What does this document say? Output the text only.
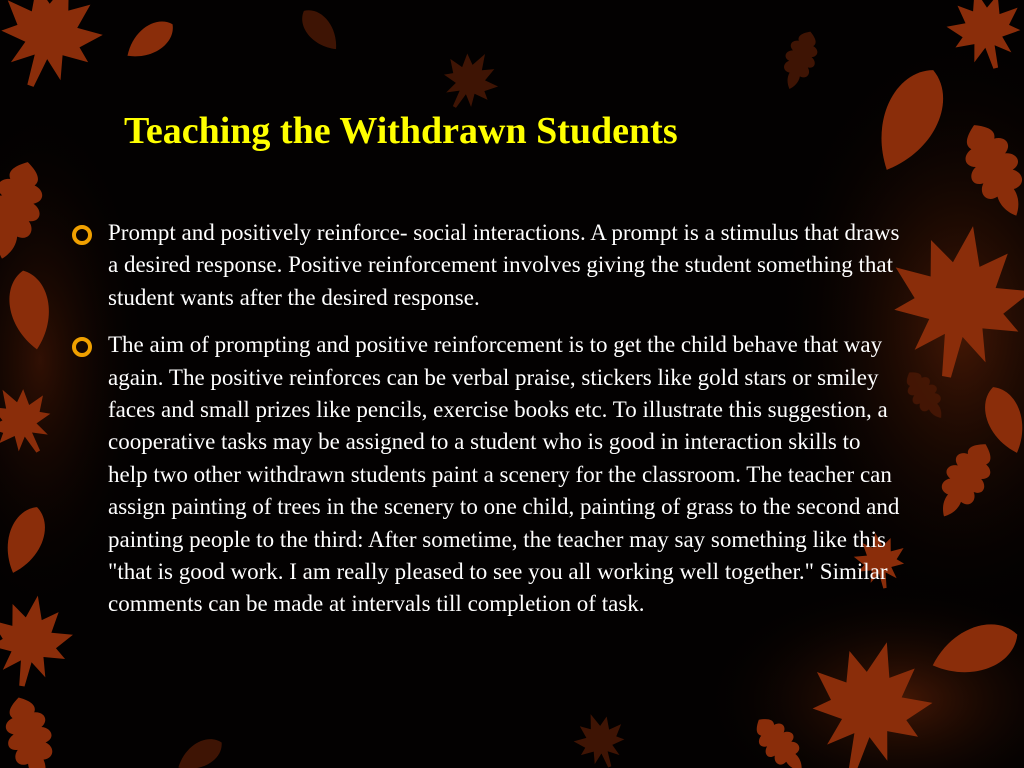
Teaching the Withdrawn Students
Prompt and positively reinforce- social interactions. A prompt is a stimulus that draws a desired response. Positive reinforcement involves giving the student something that student wants after the desired response.
The aim of prompting and positive reinforcement is to get the child behave that way again. The positive reinforces can be verbal praise, stickers like gold stars or smiley faces and small prizes like pencils, exercise books etc. To illustrate this suggestion, a cooperative tasks may be assigned to a student who is good in interaction skills to help two other withdrawn students paint a scenery for the classroom. The teacher can assign painting of trees in the scenery to one child, painting of grass to the second and painting people to the third: After sometime, the teacher may say something like this "that is good work. I am really pleased to see you all working well together." Similar comments can be made at intervals till completion of task.
